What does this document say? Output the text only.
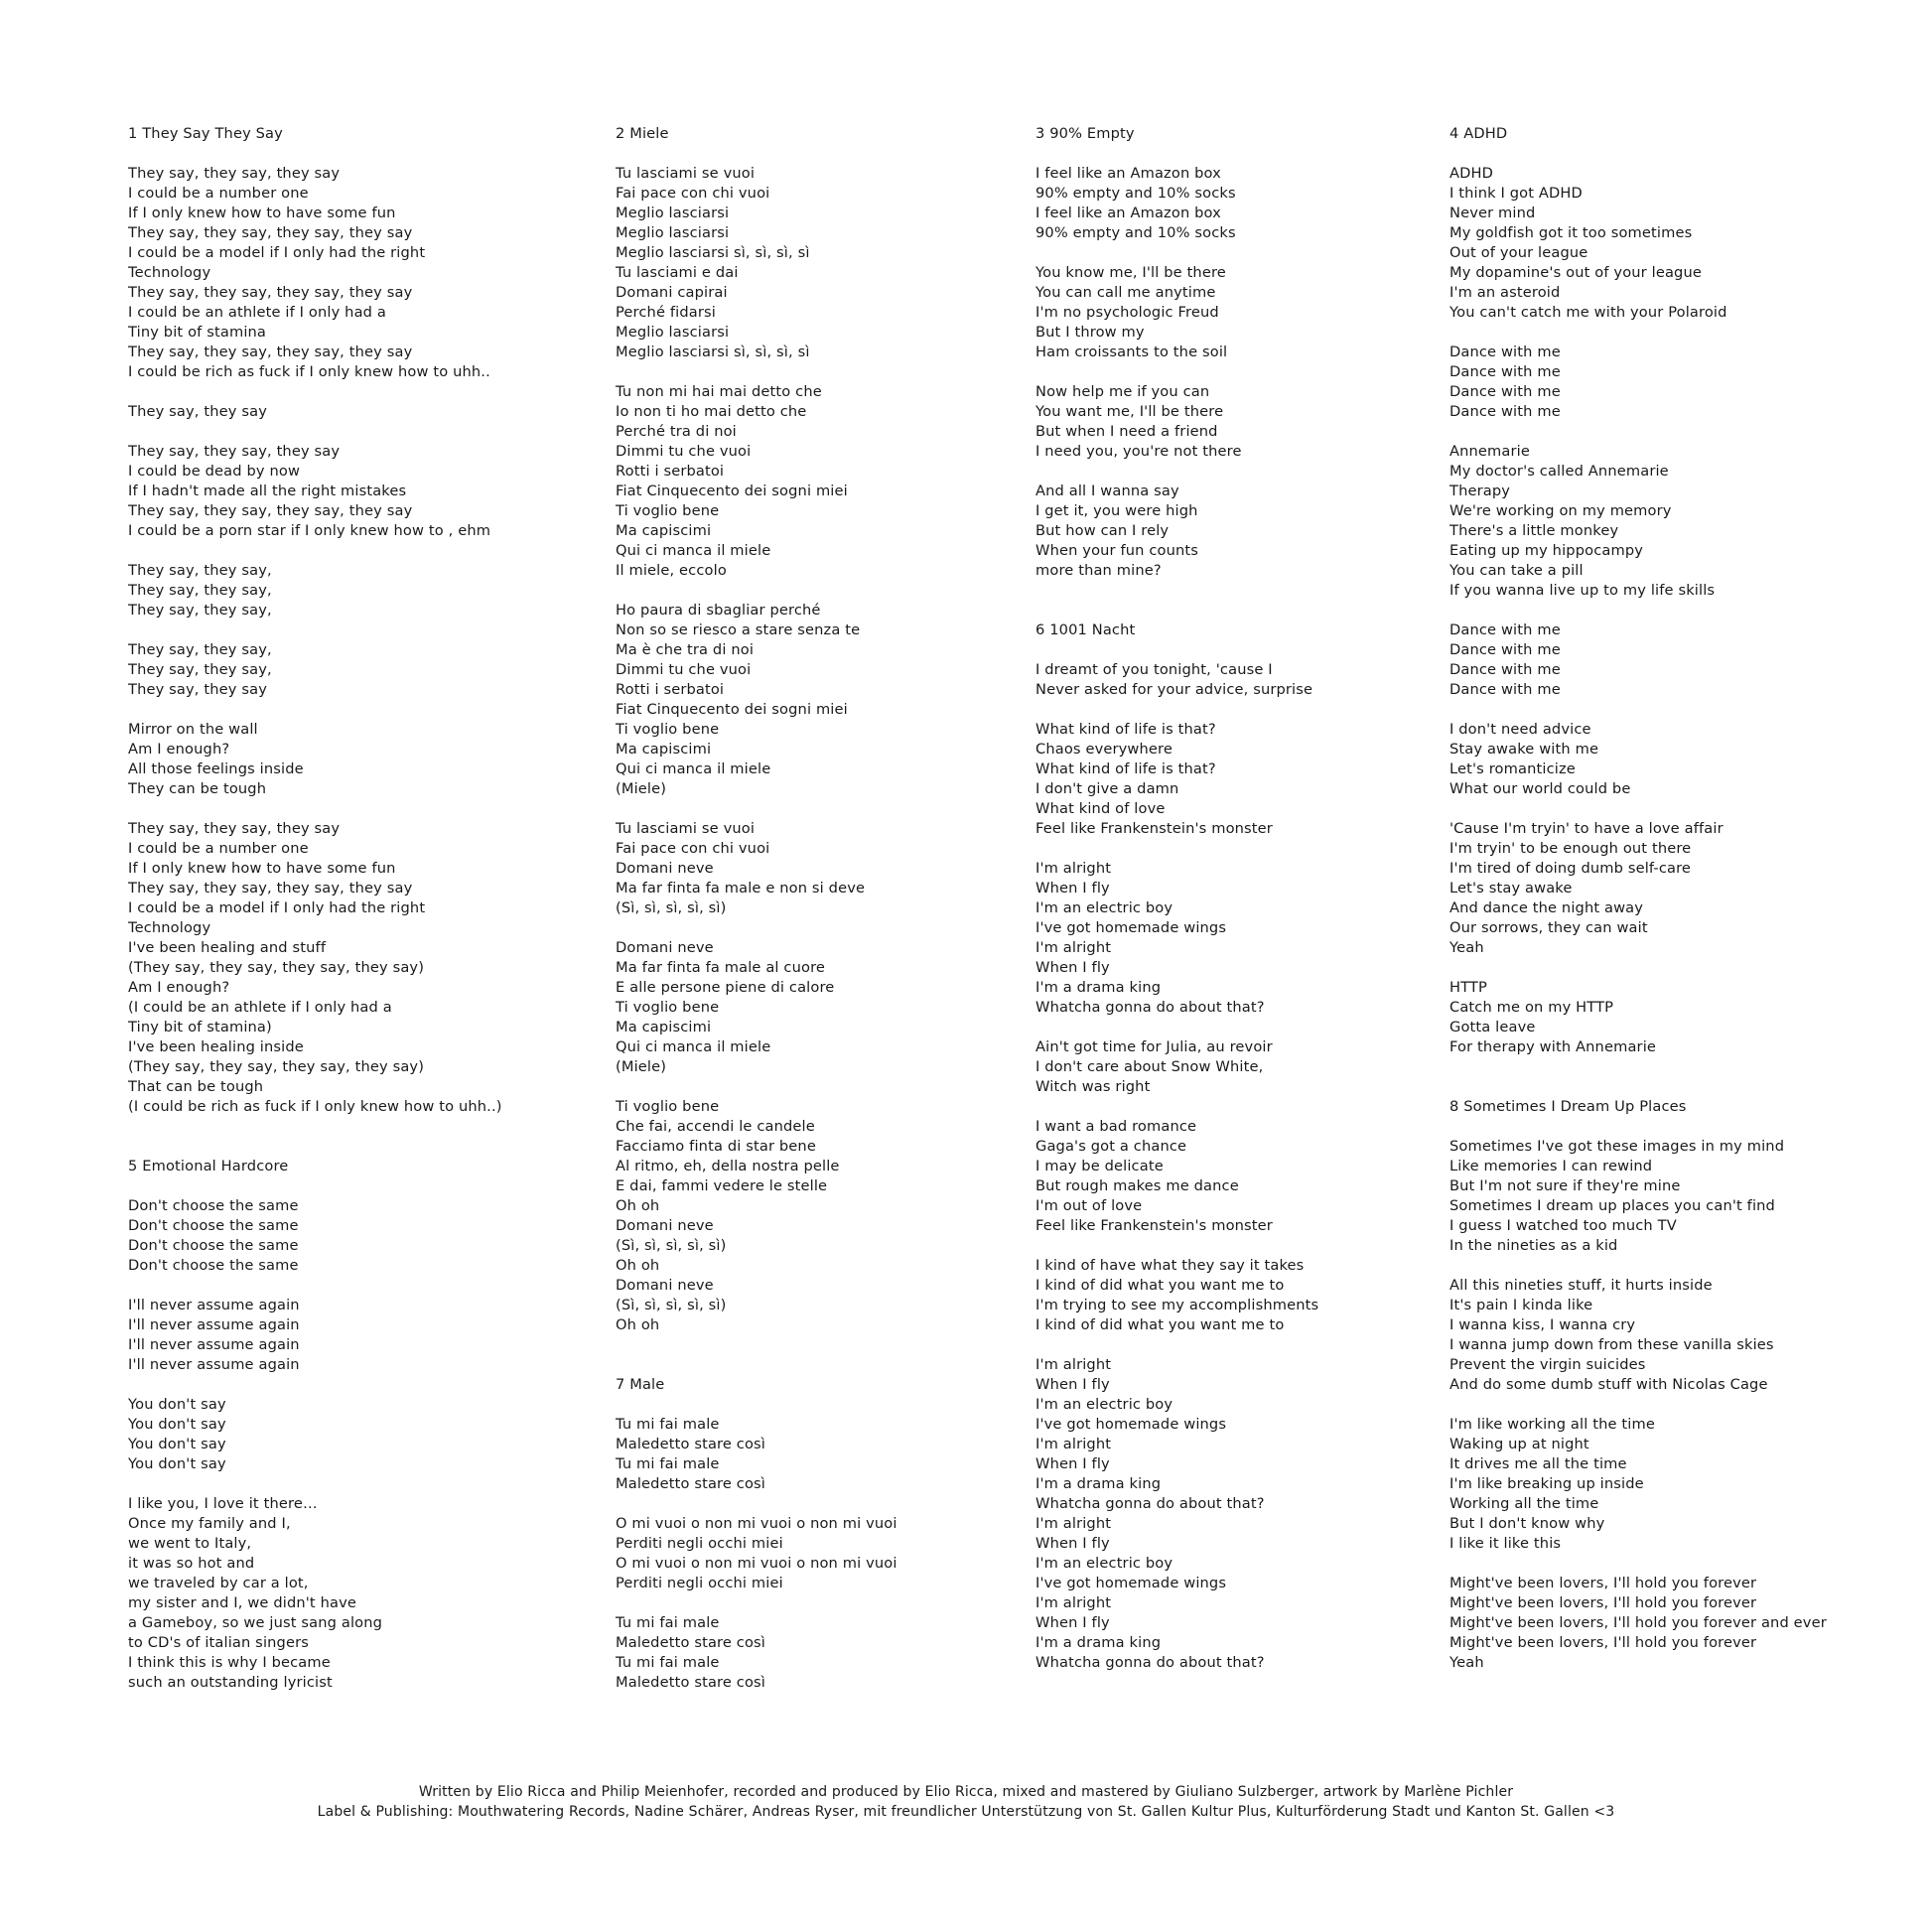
1 They Say They Say
They say, they say, they say
I could be a number one
If I only knew how to have some fun
They say, they say, they say, they say
I could be a model if I only had the right
Technology
They say, they say, they say, they say
I could be an athlete if I only had a
Tiny bit of stamina
They say, they say, they say, they say
I could be rich as fuck if I only knew how to uhh..
They say, they say
They say, they say, they say
I could be dead by now
If I hadn't made all the right mistakes
They say, they say, they say, they say
I could be a porn star if I only knew how to , ehm
They say, they say,
They say, they say,
They say, they say,
They say, they say,
They say, they say,
They say, they say
Mirror on the wall
Am I enough?
All those feelings inside
They can be tough
They say, they say, they say
I could be a number one
If I only knew how to have some fun
They say, they say, they say, they say
I could be a model if I only had the right
Technology
I've been healing and stuff
(They say, they say, they say, they say)
Am I enough?
(I could be an athlete if I only had a
Tiny bit of stamina)
I've been healing inside
(They say, they say, they say, they say)
That can be tough
(I could be rich as fuck if I only knew how to uhh..)
5 Emotional Hardcore
Don't choose the same
Don't choose the same
Don't choose the same
Don't choose the same
I'll never assume again
I'll never assume again
I'll never assume again
I'll never assume again
You don't say
You don't say
You don't say
You don't say
I like you, I love it there…
Once my family and I,
we went to Italy,
it was so hot and
we traveled by car a lot,
my sister and I, we didn't have
a Gameboy, so we just sang along
to CD's of italian singers
I think this is why I became
such an outstanding lyricist
2 Miele
Tu lasciami se vuoi
Fai pace con chi vuoi
Meglio lasciarsi
Meglio lasciarsi
Meglio lasciarsi sì, sì, sì, sì
Tu lasciami e dai
Domani capirai
Perché fidarsi
Meglio lasciarsi
Meglio lasciarsi sì, sì, sì, sì
Tu non mi hai mai detto che
Io non ti ho mai detto che
Perché tra di noi
Dimmi tu che vuoi
Rotti i serbatoi
Fiat Cinquecento dei sogni miei
Ti voglio bene
Ma capiscimi
Qui ci manca il miele
Il miele, eccolo
Ho paura di sbagliar perché
Non so se riesco a stare senza te
Ma è che tra di noi
Dimmi tu che vuoi
Rotti i serbatoi
Fiat Cinquecento dei sogni miei
Ti voglio bene
Ma capiscimi
Qui ci manca il miele
(Miele)
Tu lasciami se vuoi
Fai pace con chi vuoi
Domani neve
Ma far finta fa male e non si deve
(Sì, sì, sì, sì, sì)
Domani neve
Ma far finta fa male al cuore
E alle persone piene di calore
Ti voglio bene
Ma capiscimi
Qui ci manca il miele
(Miele)
Ti voglio bene
Che fai, accendi le candele
Facciamo finta di star bene
Al ritmo, eh, della nostra pelle
E dai, fammi vedere le stelle
Oh oh
Domani neve
(Sì, sì, sì, sì, sì)
Oh oh
Domani neve
(Sì, sì, sì, sì, sì)
Oh oh
7 Male
Tu mi fai male
Maledetto stare così
Tu mi fai male
Maledetto stare così
O mi vuoi o non mi vuoi o non mi vuoi
Perditi negli occhi miei
O mi vuoi o non mi vuoi o non mi vuoi
Perditi negli occhi miei
Tu mi fai male
Maledetto stare così
Tu mi fai male
Maledetto stare così
3 90% Empty
I feel like an Amazon box
90% empty and 10% socks
I feel like an Amazon box
90% empty and 10% socks
You know me, I'll be there
You can call me anytime
I'm no psychologic Freud
But I throw my
Ham croissants to the soil
Now help me if you can
You want me, I'll be there
But when I need a friend
I need you, you're not there
And all I wanna say
I get it, you were high
But how can I rely
When your fun counts
more than mine?
6 1001 Nacht
I dreamt of you tonight, 'cause I
Never asked for your advice, surprise
What kind of life is that?
Chaos everywhere
What kind of life is that?
I don't give a damn
What kind of love
Feel like Frankenstein's monster
I'm alright
When I fly
I'm an electric boy
I've got homemade wings
I'm alright
When I fly
I'm a drama king
Whatcha gonna do about that?
Ain't got time for Julia, au revoir
I don't care about Snow White,
Witch was right
I want a bad romance
Gaga's got a chance
I may be delicate
But rough makes me dance
I'm out of love
Feel like Frankenstein's monster
I kind of have what they say it takes
I kind of did what you want me to
I'm trying to see my accomplishments
I kind of did what you want me to
I'm alright
When I fly
I'm an electric boy
I've got homemade wings
I'm alright
When I fly
I'm a drama king
Whatcha gonna do about that?
I'm alright
When I fly
I'm an electric boy
I've got homemade wings
I'm alright
When I fly
I'm a drama king
Whatcha gonna do about that?
4 ADHD
ADHD
I think I got ADHD
Never mind
My goldfish got it too sometimes
Out of your league
My dopamine's out of your league
I'm an asteroid
You can't catch me with your Polaroid
Dance with me
Dance with me
Dance with me
Dance with me
Annemarie
My doctor's called Annemarie
Therapy
We're working on my memory
There's a little monkey
Eating up my hippocampy
You can take a pill
If you wanna live up to my life skills
Dance with me
Dance with me
Dance with me
Dance with me
I don't need advice
Stay awake with me
Let's romanticize
What our world could be
'Cause I'm tryin' to have a love affair
I'm tryin' to be enough out there
I'm tired of doing dumb self-care
Let's stay awake
And dance the night away
Our sorrows, they can wait
Yeah
HTTP
Catch me on my HTTP
Gotta leave
For therapy with Annemarie
8 Sometimes I Dream Up Places
Sometimes I've got these images in my mind
Like memories I can rewind
But I'm not sure if they're mine
Sometimes I dream up places you can't find
I guess I watched too much TV
In the nineties as a kid
All this nineties stuff, it hurts inside
It's pain I kinda like
I wanna kiss, I wanna cry
I wanna jump down from these vanilla skies
Prevent the virgin suicides
And do some dumb stuff with Nicolas Cage
I'm like working all the time
Waking up at night
It drives me all the time
I'm like breaking up inside
Working all the time
But I don't know why
I like it like this
Might've been lovers, I'll hold you forever
Might've been lovers, I'll hold you forever
Might've been lovers, I'll hold you forever and ever
Might've been lovers, I'll hold you forever
Yeah
Written by Elio Ricca and Philip Meienhofer, recorded and produced by Elio Ricca, mixed and mastered by Giuliano Sulzberger, artwork by Marlène Pichler
Label & Publishing: Mouthwatering Records, Nadine Schärer, Andreas Ryser, mit freundlicher Unterstützung von St. Gallen Kultur Plus, Kulturförderung Stadt und Kanton St. Gallen <3
